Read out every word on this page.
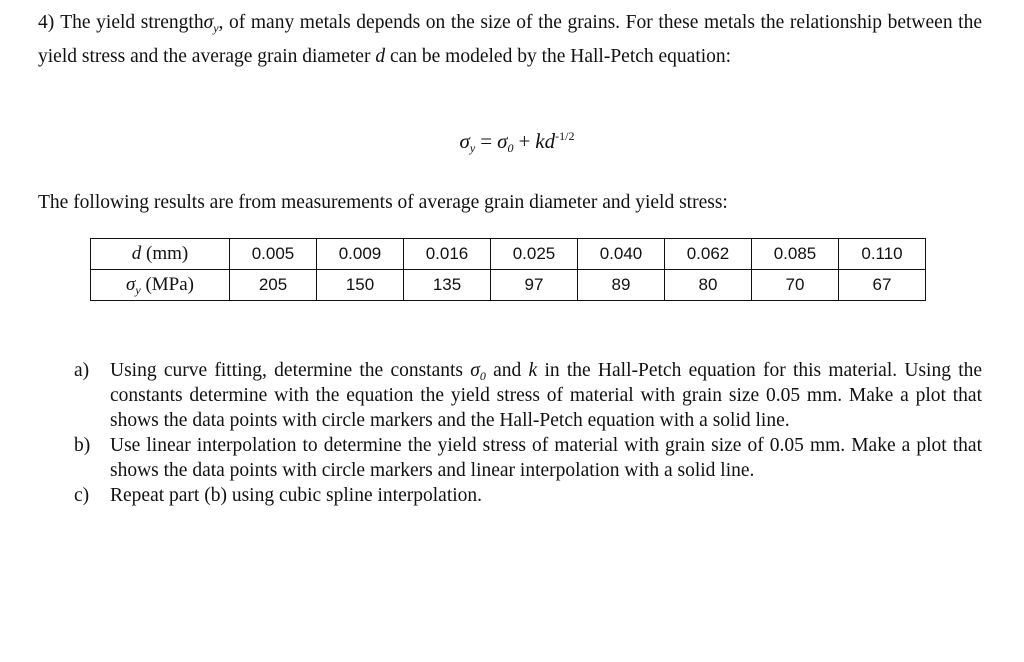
4) The yield strengthσ$_y$, of many metals depends on the size of the grains. For these metals the relationship between the yield stress and the average grain diameter d can be modeled by the Hall-Petch equation:
$\sigma_y = \sigma_0 + kd^{-1/2}$
The following results are from measurements of average grain diameter and yield stress:
d (mm)	0.005	0.009	0.016	0.025	0.040	0.062	0.085	0.110
$\sigma_y$ (MPa)	205	150	135	97	89	80	70	67
a )	Using curve fitting, determine the constants $\sigma_0$ and k in the Hall-Petch equation for this material. Using the constants determine with the equation the yield stress of material with grain size 0.05 mm. Make a plot that shows the data points with circle markers and the Hall-Petch equation with a solid line.
b )	Use linear interpolation to determine the yield stress of material with grain size of 0.05 mm. Make a plot that shows the data points with circle markers and linear interpolation with a solid line.
c )	Repeat part (b) using cubic spline interpolation.
